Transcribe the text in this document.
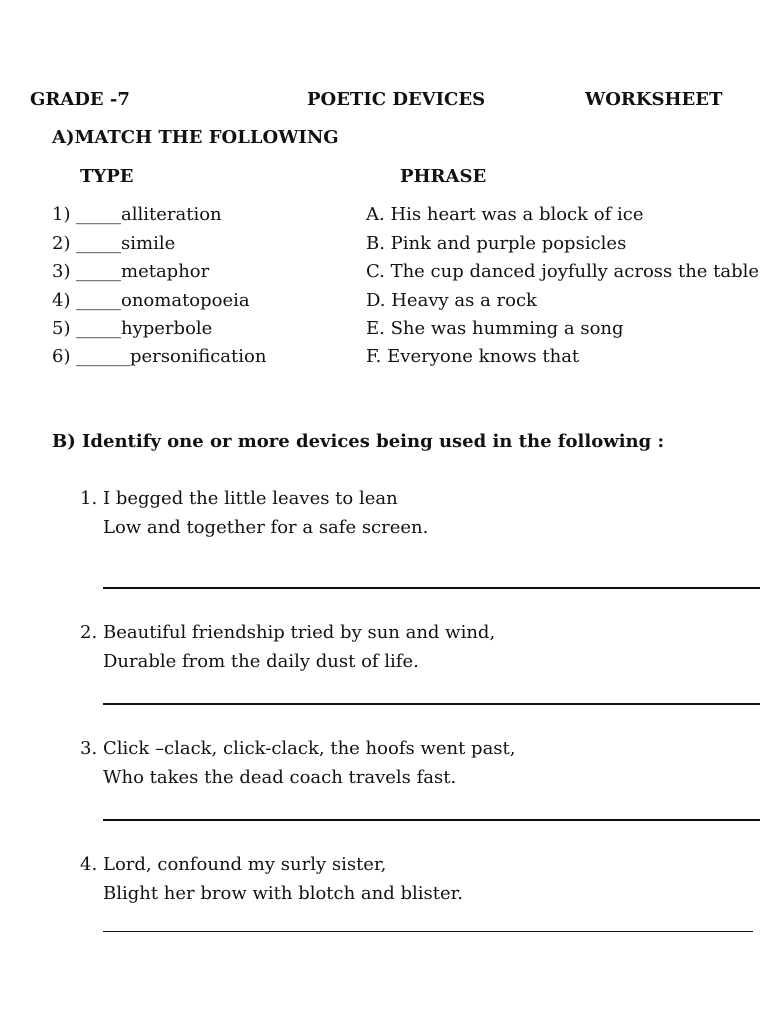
GRADE -7	POETIC DEVICES	WORKSHEET
A)MATCH THE FOLLOWING
TYPE	PHRASE
1) _____alliteration	A. His heart was a block of ice
2) _____simile	B. Pink and purple popsicles
3) _____metaphor	C. The cup danced joyfully across the table
4) _____onomatopoeia	D. Heavy as a rock
5) _____hyperbole	E. She was humming a song
6) ______personification	F. Everyone knows that
B) Identify one or more devices being used in the following :
1. I begged the little leaves to lean
Low and together for a safe screen.
2. Beautiful friendship tried by sun and wind,
Durable from the daily dust of life.
3. Click –clack, click-clack, the hoofs went past,
Who takes the dead coach travels fast.
4. Lord, confound my surly sister,
Blight her brow with blotch and blister.
